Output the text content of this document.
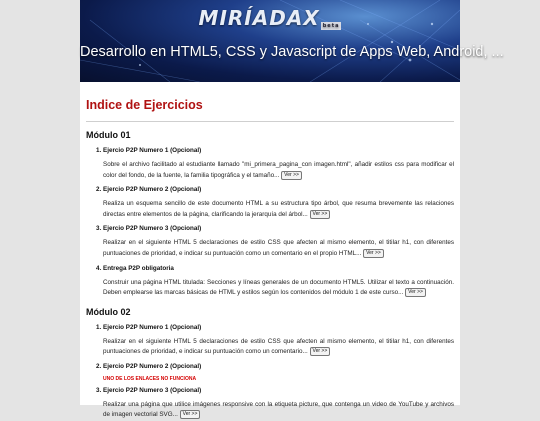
MIRÍADAX beta
Desarrollo en HTML5, CSS y Javascript de Apps Web, Android, ...
Indice de Ejercicios
Módulo 01
1. Ejercio P2P Numero 1 (Opcional)
Sobre el archivo facilitado al estudiante llamado "mi_primera_pagina_con imagen.html", añadir estilos css para modificar el color del fondo, de la fuente, la familia tipográfica y el tamaño... Ver >>
2. Ejercio P2P Numero 2 (Opcional)
Realiza un esquema sencillo de este documento HTML a su estructura tipo árbol, que resuma brevemente las relaciones directas entre elementos de la página, clarificando la jerarquía del árbol... Ver >>
3. Ejercio P2P Numero 3 (Opcional)
Realizar en el siguiente HTML 5 declaraciones de estilo CSS que afecten al mismo elemento, el titilar h1, con diferentes puntuaciones de prioridad, e indicar su puntuación como un comentario en el propio HTML... Ver >>
4. Entrega P2P obligatoria
Construir una página HTML titulada: Secciones y líneas generales de un documento HTML5. Utilizar el texto a continuación. Deben emplearse las marcas básicas de HTML y estilos según los contenidos del módulo 1 de este curso... Ver >>
Módulo 02
1. Ejercio P2P Numero 1 (Opcional)
Realizar en el siguiente HTML 5 declaraciones de estilo CSS que afecten al mismo elemento, el titilar h1, con diferentes puntuaciones de prioridad, e indicar su puntuación como un comentario... Ver >>
2. Ejercio P2P Numero 2 (Opcional)
UNO DE LOS ENLACES NO FUNCIONA
3. Ejercio P2P Numero 3 (Opcional)
Realizar una página que utilice imágenes responsive con la etiqueta picture, que contenga un video de YouTube y archivos de imagen vectorial SVG... Ver >>
